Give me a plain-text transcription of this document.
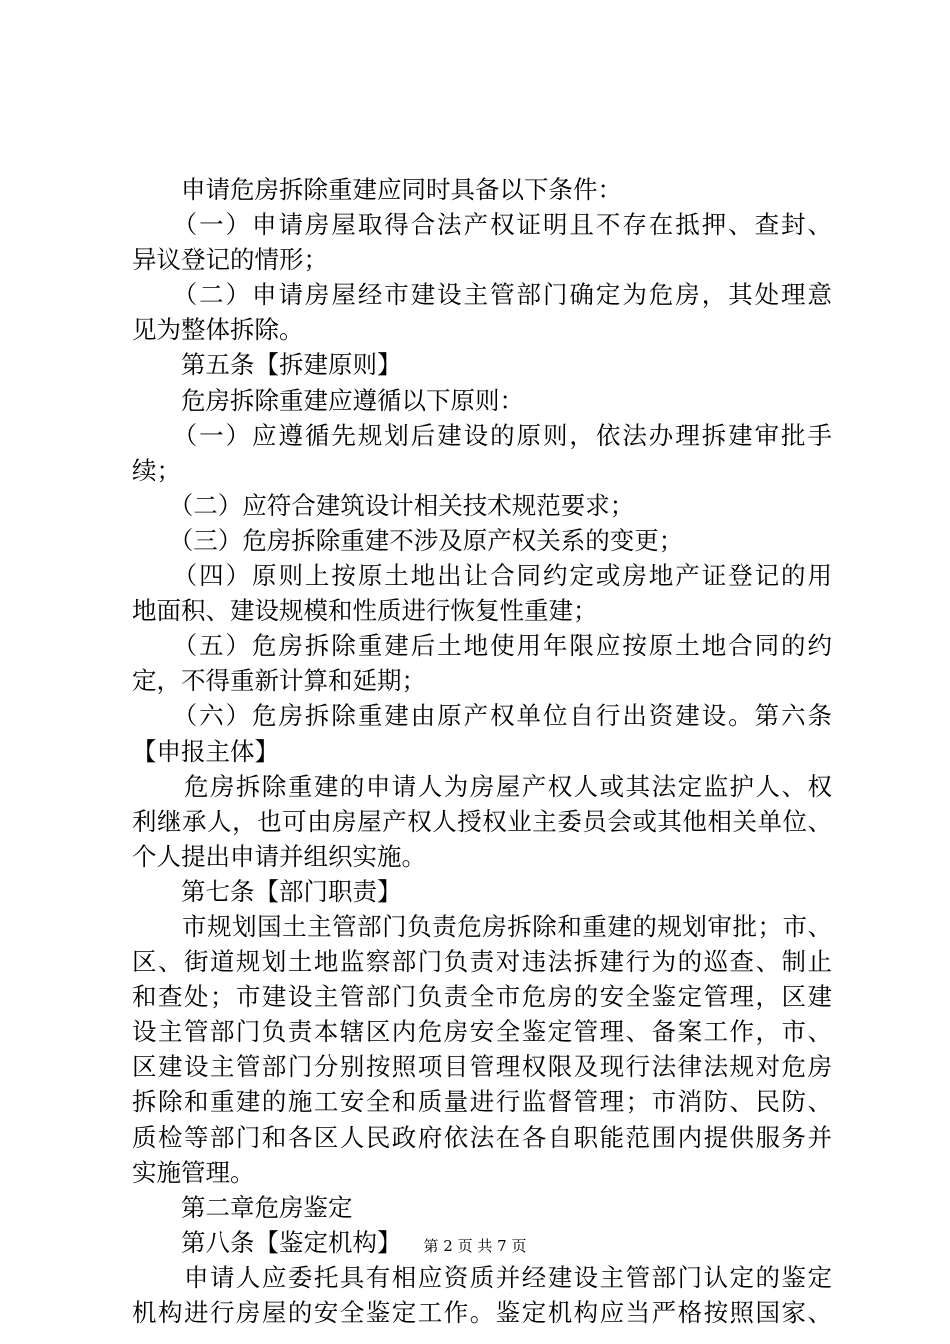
　　申请危房拆除重建应同时具备以下条件：
　　（一）申请房屋取得合法产权证明且不存在抵押、查封、
异议登记的情形；
　　（二）申请房屋经市建设主管部门确定为危房，其处理意
见为整体拆除。
　　第五条【拆建原则】
　　危房拆除重建应遵循以下原则：
　　（一）应遵循先规划后建设的原则，依法办理拆建审批手
续；
　　（二）应符合建筑设计相关技术规范要求；
　　（三）危房拆除重建不涉及原产权关系的变更；
　　（四）原则上按原土地出让合同约定或房地产证登记的用
地面积、建设规模和性质进行恢复性重建；
　　（五）危房拆除重建后土地使用年限应按原土地合同的约
定，不得重新计算和延期；
　　（六）危房拆除重建由原产权单位自行出资建设。第六条
【申报主体】
　　危房拆除重建的申请人为房屋产权人或其法定监护人、权
利继承人，也可由房屋产权人授权业主委员会或其他相关单位、
个人提出申请并组织实施。
　　第七条【部门职责】
　　市规划国土主管部门负责危房拆除和重建的规划审批；市、
区、街道规划土地监察部门负责对违法拆建行为的巡查、制止
和查处；市建设主管部门负责全市危房的安全鉴定管理，区建
设主管部门负责本辖区内危房安全鉴定管理、备案工作，市、
区建设主管部门分别按照项目管理权限及现行法律法规对危房
拆除和重建的施工安全和质量进行监督管理；市消防、民防、
质检等部门和各区人民政府依法在各自职能范围内提供服务并
实施管理。
　　第二章危房鉴定
　　第八条【鉴定机构】
　　申请人应委托具有相应资质并经建设主管部门认定的鉴定
机构进行房屋的安全鉴定工作。鉴定机构应当严格按照国家、
第 2 页 共 7 页
